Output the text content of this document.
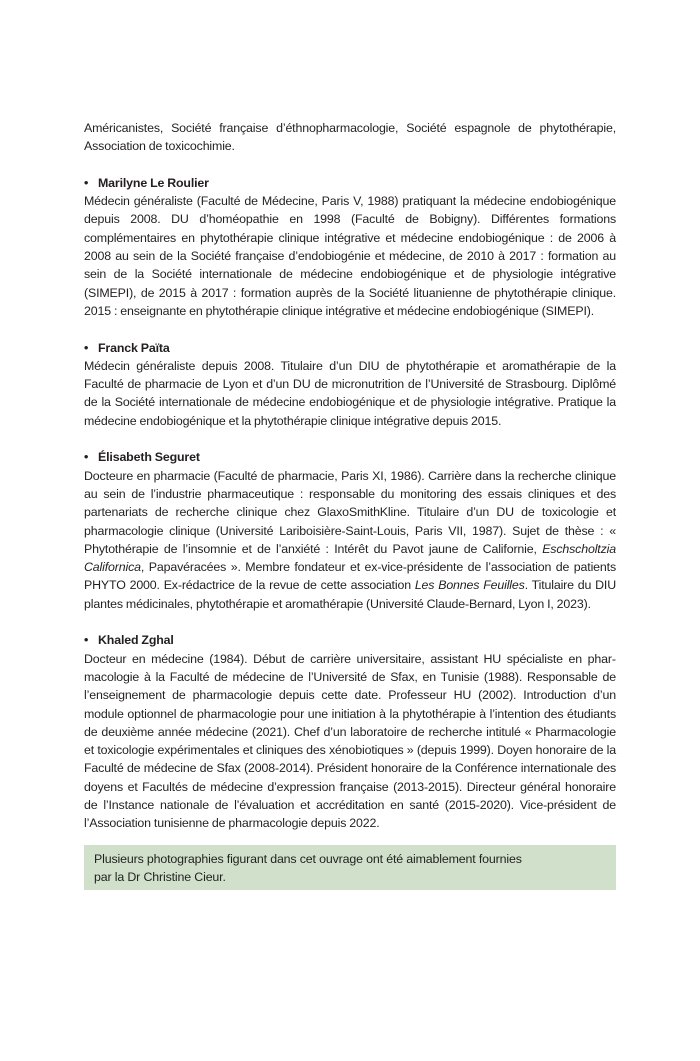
Américanistes, Société française d’éthnopharmacologie, Société espagnole de phytothérapie, Association de toxicochimie.

• Marilyne Le Roulier

Médecin généraliste (Faculté de Médecine, Paris V, 1988) pratiquant la médecine endobiogénique depuis 2008. DU d’homéopathie en 1998 (Faculté de Bobigny). Différentes formations complémentaires en phytothérapie clinique intégrative et médecine endobiogénique : de 2006 à 2008 au sein de la Société française d’endobiogénie et médecine, de 2010 à 2017 : formation au sein de la Société internationale de médecine endobiogénique et de physiologie intégrative (SIMEPI), de 2015 à 2017 : formation auprès de la Société lituanienne de phytothérapie clinique. 2015 : enseignante en phytothérapie clinique intégrative et médecine endobiogénique (SIMEPI).

• Franck Païta

Médecin généraliste depuis 2008. Titulaire d’un DIU de phytothérapie et aromathérapie de la Faculté de pharmacie de Lyon et d’un DU de micronutrition de l’Université de Strasbourg. Diplômé de la Société internationale de médecine endobiogénique et de physiologie intégrative. Pratique la médecine endobiogénique et la phytothérapie clinique intégrative depuis 2015.

• Élisabeth Seguret

Docteure en pharmacie (Faculté de pharmacie, Paris XI, 1986). Carrière dans la recherche clinique au sein de l’industrie pharmaceutique : responsable du monitoring des essais cliniques et des partenariats de recherche clinique chez GlaxoSmithKline. Titulaire d’un DU de toxicologie et pharmacologie clinique (Université Lariboisière-Saint-Louis, Paris VII, 1987). Sujet de thèse : « Phytothérapie de l’insomnie et de l’anxiété : Intérêt du Pavot jaune de Californie, Eschscholtzia Californica, Papavéracées ». Membre fondateur et ex-vice-présidente de l’association de patients PHYTO 2000. Ex-rédactrice de la revue de cette association Les Bonnes Feuilles. Titulaire du DIU plantes médicinales, phytothérapie et aromathérapie (Université Claude-Bernard, Lyon I, 2023).

• Khaled Zghal

Docteur en médecine (1984). Début de carrière universitaire, assistant HU spécialiste en pharmacologie à la Faculté de médecine de l’Université de Sfax, en Tunisie (1988). Responsable de l’enseignement de pharmacologie depuis cette date. Professeur HU (2002). Introduction d’un module optionnel de pharmacologie pour une initiation à la phytothérapie à l’intention des étudiants de deuxième année médecine (2021). Chef d’un laboratoire de recherche intitulé « Pharmacologie et toxicologie expérimentales et cliniques des xénobiotiques » (depuis 1999). Doyen honoraire de la Faculté de médecine de Sfax (2008-2014). Président honoraire de la Conférence internationale des doyens et Facultés de médecine d’expression française (2013-2015). Directeur général honoraire de l’Instance nationale de l’évaluation et accréditation en santé (2015-2020). Vice-président de l’Association tunisienne de pharmacologie depuis 2022.

Plusieurs photographies figurant dans cet ouvrage ont été aimablement fournies
par la Dr Christine Cieur.
